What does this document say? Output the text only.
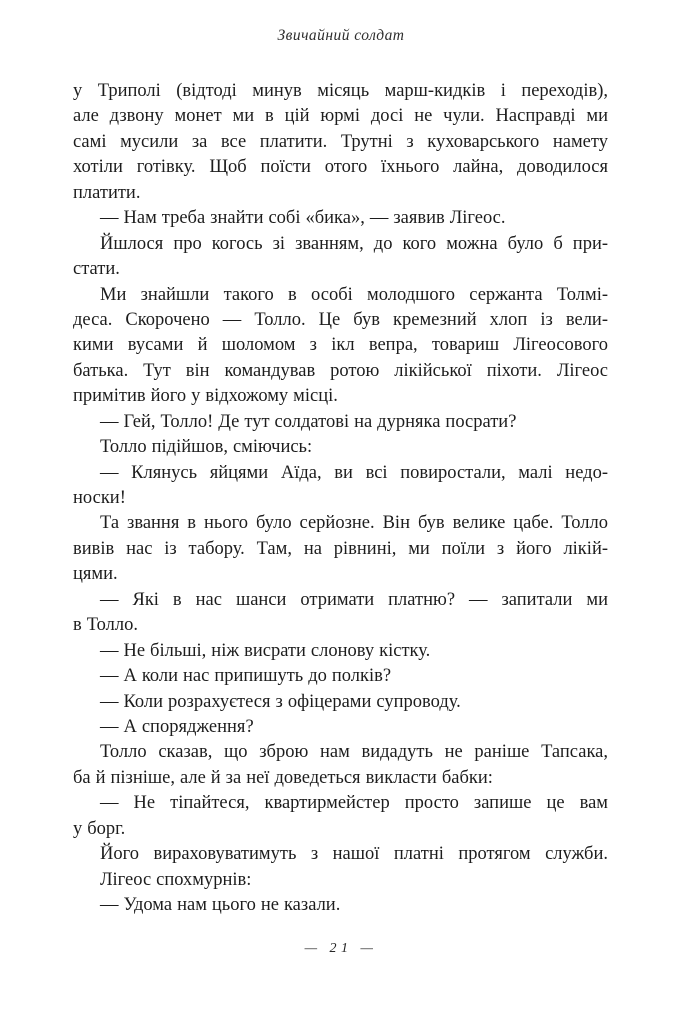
Звичайний солдат

у Триполі (відтоді минув місяць марш-кидків і переходів),
але дзвону монет ми в цій юрмі досі не чули. Насправді ми
самі мусили за все платити. Трутні з куховарського намету
хотіли готівку. Щоб поїсти отого їхнього лайна, доводилося
платити.

— Нам треба знайти собі «бика», — заявив Лігеос.

Йшлося про когось зі званням, до кого можна було б при-
стати.

Ми знайшли такого в особі молодшого сержанта Толмі-
деса. Скорочено — Толло. Це був кремезний хлоп із вели-
кими вусами й шоломом з ікл вепра, товариш Лігеосового
батька. Тут він командував ротою лікійської піхоти. Лігеос
примітив його у відхожому місці.

— Гей, Толло! Де тут солдатові на дурняка посрати?

Толло підійшов, сміючись:

— Клянусь яйцями Аїда, ви всі повиростали, малі недо-
носки!

Та звання в нього було серйозне. Він був велике цабе. Толло
вивів нас із табору. Там, на рівнині, ми поїли з його лікій-
цями.

— Які в нас шанси отримати платню? — запитали ми
в Толло.

— Не більші, ніж висрати слонову кістку.

— А коли нас припишуть до полків?

— Коли розрахуєтеся з офіцерами супроводу.

— А спорядження?

Толло сказав, що зброю нам видадуть не раніше Тапсака,
ба й пізніше, але й за неї доведеться викласти бабки:

— Не тіпайтеся, квартирмейстер просто запише це вам
у борг.

Його вираховуватимуть з нашої платні протягом служби.

Лігеос спохмурнів:

— Удома нам цього не казали.

— 21 —
